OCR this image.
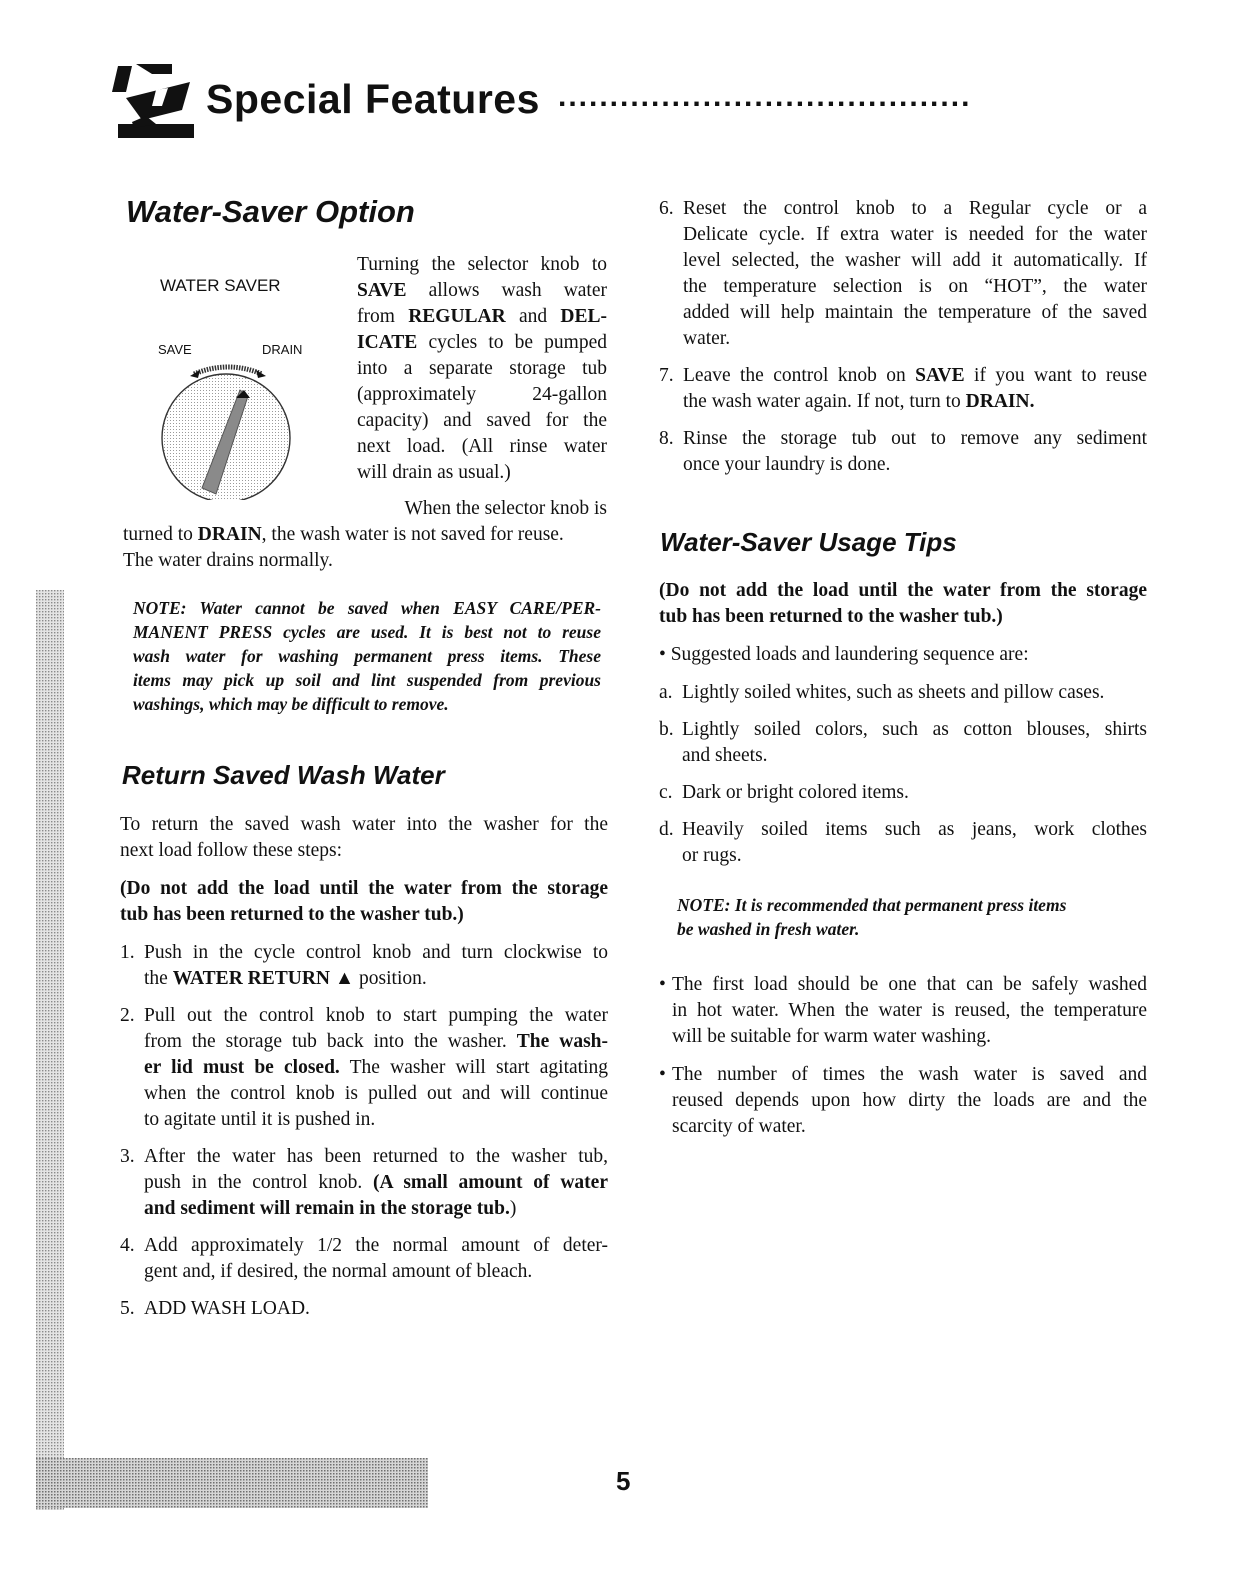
Special Features ........................................
Water-Saver Option
WATER SAVER
SAVE	DRAIN
Turning the selector knob to
SAVE allows wash water
from REGULAR and DEL-
ICATE cycles to be pumped
into a separate storage tub
(approximately 24-gallon
capacity) and saved for the
next load. (All rinse water
will drain as usual.)

When the selector knob is

turned to DRAIN, the wash water is not saved for reuse.

The water drains normally.

NOTE: Water cannot be saved when EASY CARE/PER-
MANENT PRESS cycles are used. It is best not to reuse
wash water for washing permanent press items. These
items may pick up soil and lint suspended from previous
washings, which may be difficult to remove.
Return Saved Wash Water
To return the saved wash water into the washer for the
next load follow these steps:
(Do not add the load until the water from the storage
tub has been returned to the washer tub.)
1. Push in the cycle control knob and turn clockwise to
the WATER RETURN ▲ position.
2. Pull out the control knob to start pumping the water
from the storage tub back into the washer. The wash-
er lid must be closed. The washer will start agitating
when the control knob is pulled out and will continue
to agitate until it is pushed in.
3. After the water has been returned to the washer tub,
push in the control knob. (A small amount of water
and sediment will remain in the storage tub.)
4. Add approximately 1/2 the normal amount of deter-
gent and, if desired, the normal amount of bleach.
5. ADD WASH LOAD.
6. Reset the control knob to a Regular cycle or a
Delicate cycle. If extra water is needed for the water
level selected, the washer will add it automatically. If
the temperature selection is on “HOT”, the water
added will help maintain the temperature of the saved
water.
7. Leave the control knob on SAVE if you want to reuse
the wash water again. If not, turn to DRAIN.
8. Rinse the storage tub out to remove any sediment
once your laundry is done.
Water-Saver Usage Tips
(Do not add the load until the water from the storage
tub has been returned to the washer tub.)
• Suggested loads and laundering sequence are:
a. Lightly soiled whites, such as sheets and pillow cases.
b. Lightly soiled colors, such as cotton blouses, shirts
and sheets.
c. Dark or bright colored items.
d. Heavily soiled items such as jeans, work clothes
or rugs.
NOTE: It is recommended that permanent press items
be washed in fresh water.
• The first load should be one that can be safely washed
in hot water. When the water is reused, the temperature
will be suitable for warm water washing.
• The number of times the wash water is saved and
reused depends upon how dirty the loads are and the
scarcity of water.
5
